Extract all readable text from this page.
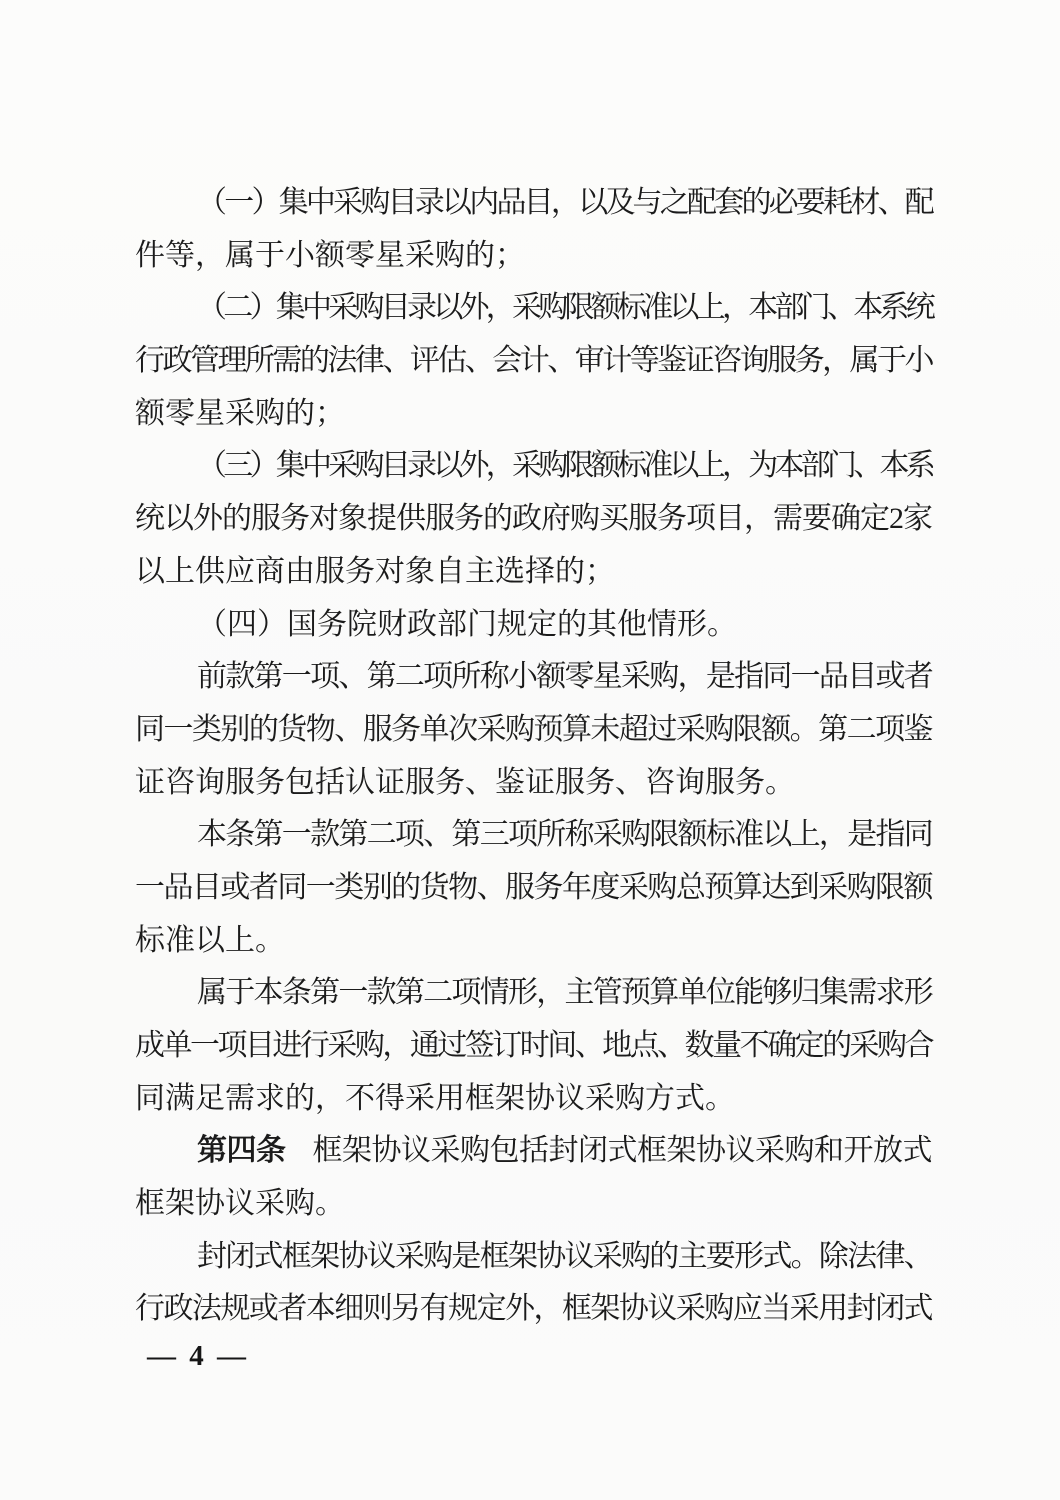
（一）集中采购目录以内品目，以及与之配套的必要耗材、配
件等，属于小额零星采购的；
（二）集中采购目录以外，采购限额标准以上，本部门、本系统
行政管理所需的法律、评估、会计、审计等鉴证咨询服务，属于小
额零星采购的；
（三）集中采购目录以外，采购限额标准以上，为本部门、本系
统以外的服务对象提供服务的政府购买服务项目，需要确定2家
以上供应商由服务对象自主选择的；
（四）国务院财政部门规定的其他情形。
前款第一项、第二项所称小额零星采购，是指同一品目或者
同一类别的货物、服务单次采购预算未超过采购限额。第二项鉴
证咨询服务包括认证服务、鉴证服务、咨询服务。
本条第一款第二项、第三项所称采购限额标准以上，是指同
一品目或者同一类别的货物、服务年度采购总预算达到采购限额
标准以上。
属于本条第一款第二项情形，主管预算单位能够归集需求形
成单一项目进行采购，通过签订时间、地点、数量不确定的采购合
同满足需求的，不得采用框架协议采购方式。
第四条 框架协议采购包括封闭式框架协议采购和开放式
框架协议采购。
封闭式框架协议采购是框架协议采购的主要形式。除法律、
行政法规或者本细则另有规定外，框架协议采购应当采用封闭式
— 4 —
